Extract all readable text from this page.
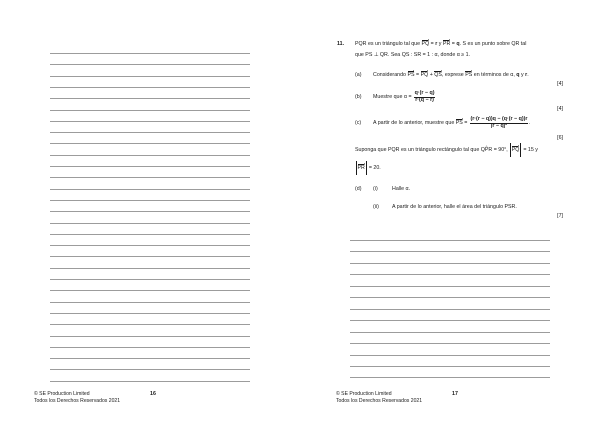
© SE Production Limited
Todos los Derechos Reservados 2021
16
11. PQR es un triángulo tal que PQ = r y PR = q. S es un punto sobre QR tal
que PS ⊥ QR. Sea QS : SR = 1 : α, donde α ≥ 1.
(a) Considerando PS = PQ + QS, exprese PS en términos de α, q y r.
[4]
(b) Muestre que $\alpha = \frac{q\cdot(r - q)}{r\cdot(q - r)}$
[4]
(c) A partir de lo anterior, muestre que PS = $\frac{(r\cdot(r - q))q - (q\cdot(r - q))r}{\text{|r − q|²}}$ .
[6]
Suponga que PQR es un triángulo rectángulo tal que QP̂R = 90°, PQ = 15 y
PR = 20.
(d) (i)	Halle α.
(ii) A partir de lo anterior, halle el área del triángulo PSR.
[7]
© SE Production Limited
Todos los Derechos Reservados 2021
17
